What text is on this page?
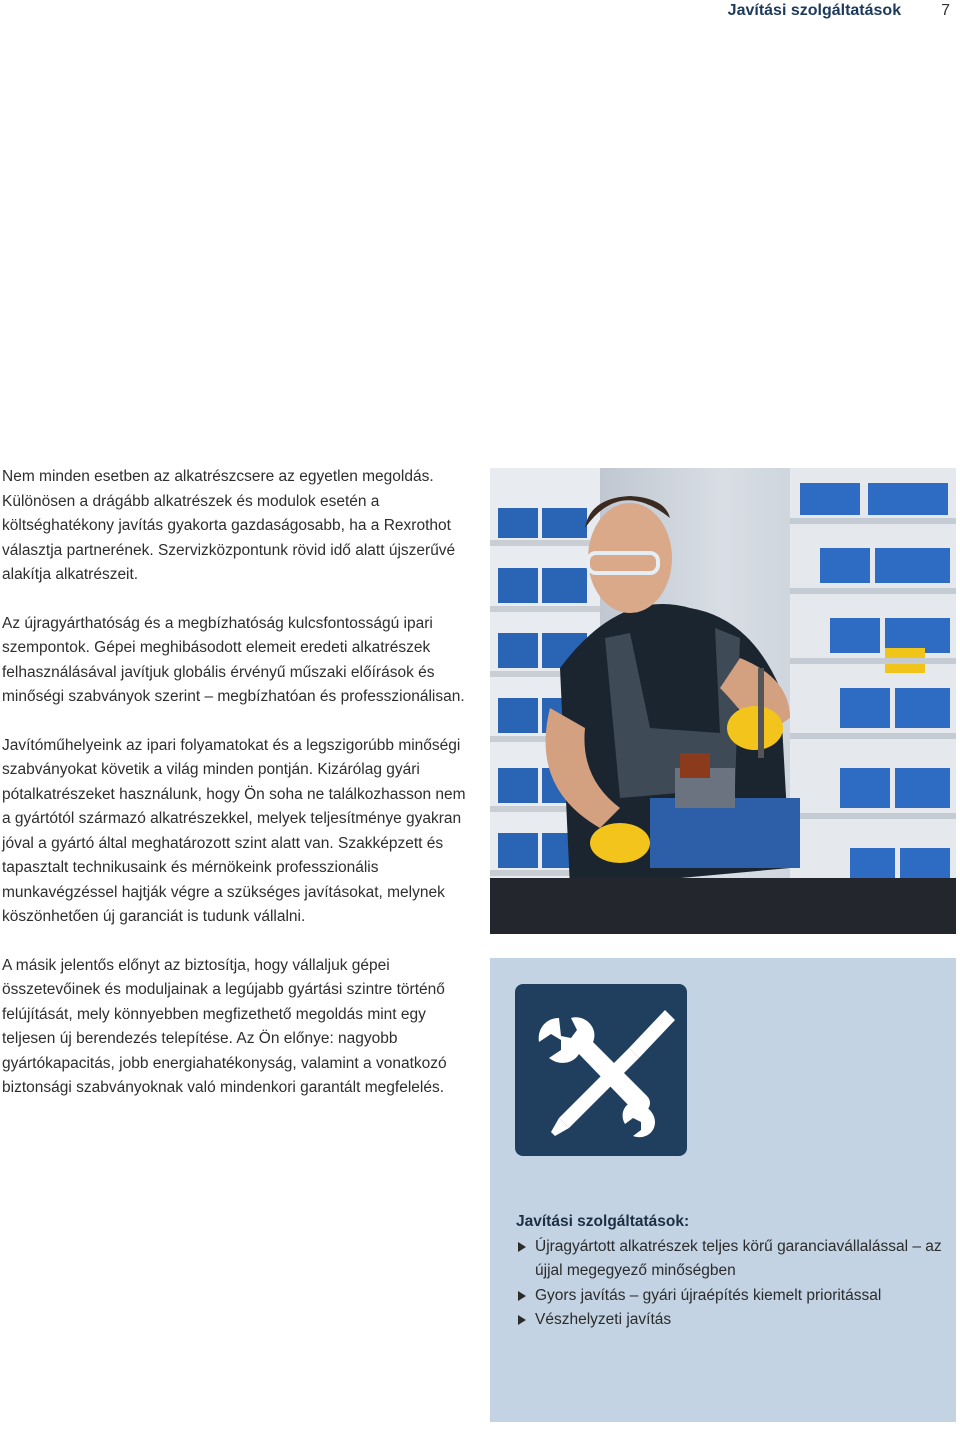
Javítási szolgáltatások	7

Nem minden esetben az alkatrészcsere az egyetlen megoldás. Különösen a drágább alkatrészek és modulok esetén a költséghatékony javítás gyakorta gazdaságosabb, ha a Rexrothot választja partnerének. Szervizközpontunk rövid idő alatt újszerűvé alakítja alkatrészeit.

Az újragyárthatóság és a megbízhatóság kulcsfontosságú ipari szempontok. Gépei meghibásodott elemeit eredeti alkatrészek felhasználásával javítjuk globális érvényű műszaki előírások és minőségi szabványok szerint – megbízhatóan és professzionálisan.

Javítóműhelyeink az ipari folyamatokat és a legszigorúbb minőségi szabványokat követik a világ minden pontján. Kizárólag gyári pótalkatrészeket használunk, hogy Ön soha ne találkozhasson nem a gyártótól származó alkatrészekkel, melyek teljesítménye gyakran jóval a gyártó által meghatározott szint alatt van. Szakképzett és tapasztalt technikusaink és mérnökeink professzionális munkavégzéssel hajtják végre a szükséges javításokat, melynek köszönhetően új garanciát is tudunk vállalni.

A másik jelentős előnyt az biztosítja, hogy vállaljuk gépei összetevőinek és moduljainak a legújabb gyártási szintre történő felújítását, mely könnyebben megfizethető megoldás mint egy teljesen új berendezés telepítése. Az Ön előnye: nagyobb gyártókapacitás, jobb energiahatékonyság, valamint a vonatkozó biztonsági szabványoknak való mindenkori garantált megfelelés.

Javítási szolgáltatások:
Újragyártott alkatrészek teljes körű garanciavállalással – az újjal megegyező minőségben
Gyors javítás – gyári újraépítés kiemelt prioritással
Vészhelyzeti javítás
